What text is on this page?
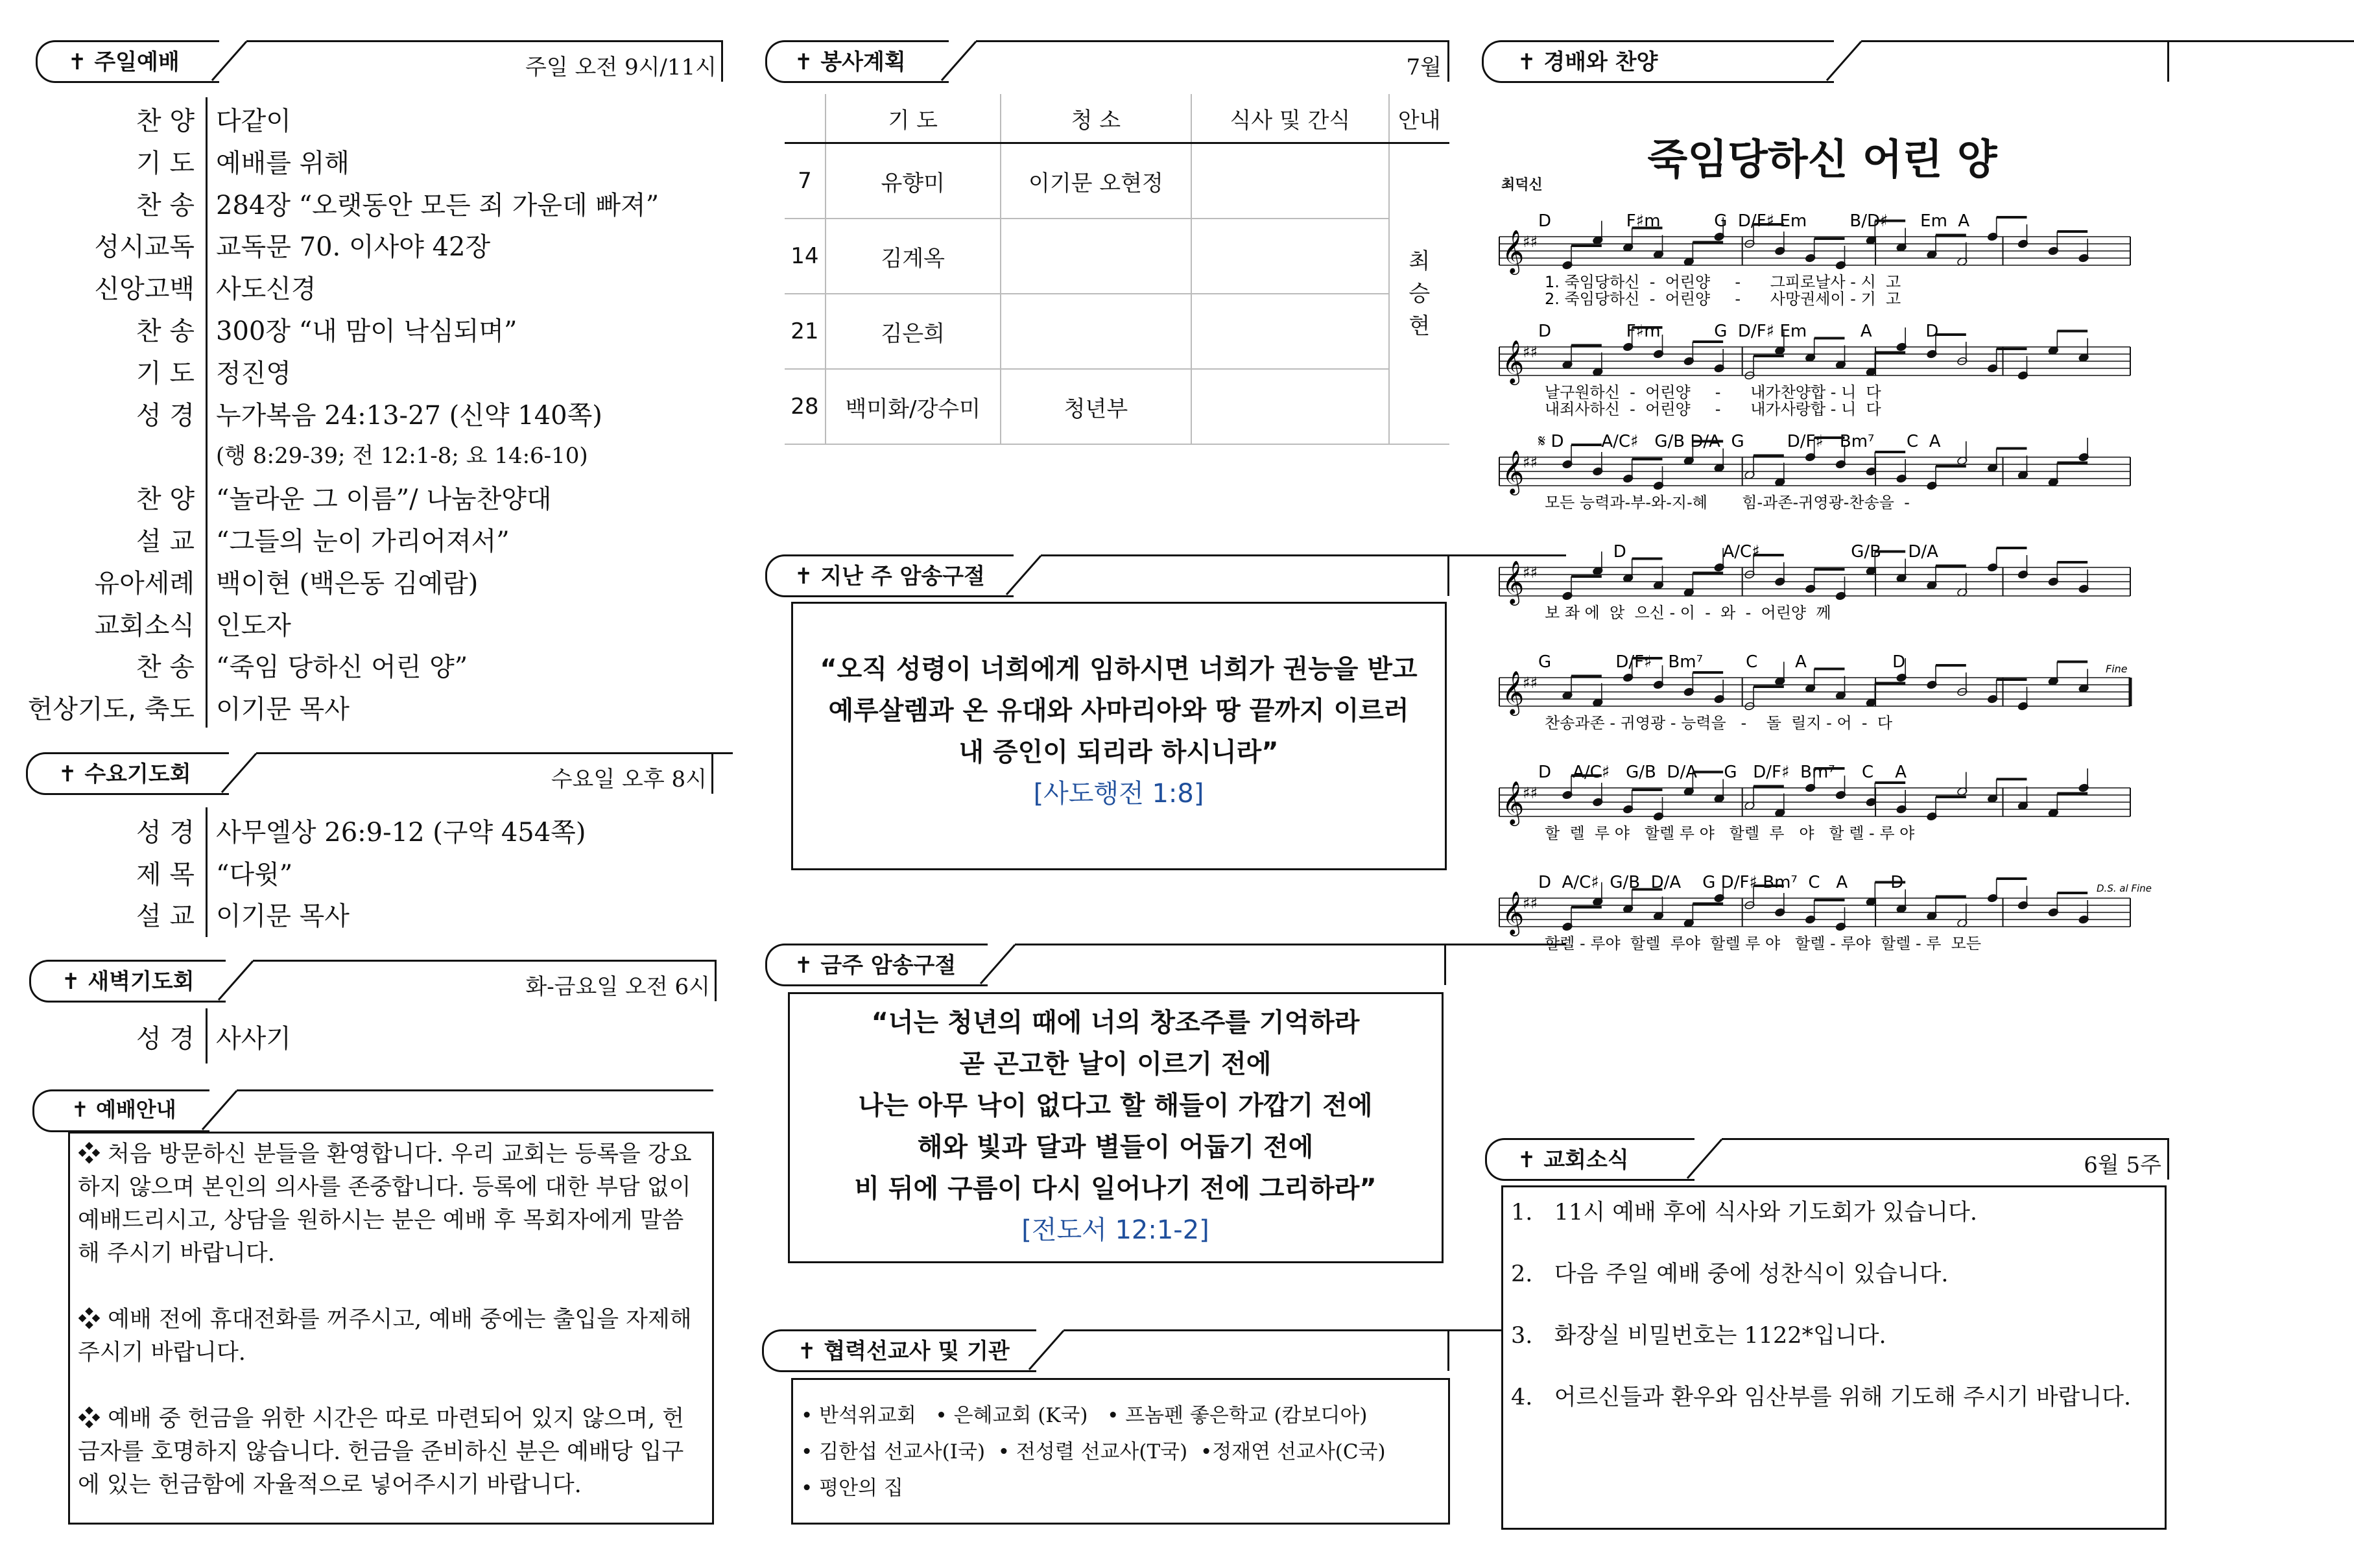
✝ 주일예배	주일 오전 9시/11시
찬 양 다같이
기 도 예배를 위해
찬 송 284장 “오랫동안 모든 죄 가운데 빠져”
성시교독 교독문 70. 이사야 42장
신앙고백 사도신경
찬 송 300장 “내 맘이 낙심되며”
기 도 정진영
성 경 누가복음 24:13-27 (신약 140쪽)
(행 8:29-39; 전 12:1-8; 요 14:6-10)
찬 양 “놀라운 그 이름”/ 나눔찬양대
설 교 “그들의 눈이 가리어져서”
유아세례 백이현 (백은동 김예람)
교회소식 인도자
찬 송 “죽임 당하신 어린 양”
헌상기도, 축도 이기문 목사
✝ 수요기도회	수요일 오후 8시
성 경 사무엘상 26:9-12 (구약 454쪽)
제 목 “다윗”
설 교 이기문 목사
✝ 새벽기도회	화-금요일 오전 6시
성 경 사사기
✝ 예배안내
❖ 처음 방문하신 분들을 환영합니다. 우리 교회는 등록을 강요
하지 않으며 본인의 의사를 존중합니다. 등록에 대한 부담 없이
예배드리시고, 상담을 원하시는 분은 예배 후 목회자에게 말씀
해 주시기 바랍니다.
❖ 예배 전에 휴대전화를 꺼주시고, 예배 중에는 출입을 자제해
주시기 바랍니다.
❖ 예배 중 헌금을 위한 시간은 따로 마련되어 있지 않으며, 헌
금자를 호명하지 않습니다. 헌금을 준비하신 분은 예배당 입구
에 있는 헌금함에 자율적으로 넣어주시기 바랍니다.
✝ 봉사계획	7월
	기 도	청 소	식사 및 간식	안내
7	유향미	이기문 오현정		최
승
현

14	김계옥			
21	김은희			
28	백미화/강수미	청년부		
✝ 지난 주 암송구절
“오직 성령이 너희에게 임하시면 너희가 권능을 받고
예루살렘과 온 유대와 사마리아와 땅 끝까지 이르러
내 증인이 되리라 하시니라”
[사도행전 1:8]
✝ 금주 암송구절
“너는 청년의 때에 너의 창조주를 기억하라
곧 곤고한 날이 이르기 전에
나는 아무 낙이 없다고 할 해들이 가깝기 전에
해와 빛과 달과 별들이 어둡기 전에
비 뒤에 구름이 다시 일어나기 전에 그리하라”
[전도서 12:1-2]
✝ 협력선교사 및 기관
• 반석위교회   • 은혜교회 (K국)   • 프놈펜 좋은학교 (캄보디아)
• 김한섭 선교사(I국)  • 전성렬 선교사(T국)  •정재연 선교사(C국)
• 평안의 집
✝ 경배와 찬양
죽임당하신 어린 양
최덕신
D              F♯m          G  D/F♯ Em        B/D♯      Em  A
𝄞
♯♯
1. 죽임당하신  -  어린양     -      그피로날사 - 시  고
2. 죽임당하신  -  어린양     -      사망권세이 - 기  고
D              F♯m          G  D/F♯ Em          A          D
𝄞
♯♯
날구원하신  -  어린양     -      내가찬양합 - 니  다
내죄사하신  -  어린양     -      내가사랑합 - 니  다
𝄋 D       A/C♯   G/B D/A  G        D/F♯   Bm⁷      C  A
𝄞
♯♯
모든 능력과-부-와-지-혜       힘-과존-귀영광-찬송을  -
D                  A/C♯                 G/B     D/A
𝄞
♯♯
보 좌 에  앉  으신 - 이  -  와  -  어린양  께
G            D/F♯   Bm⁷        C       A                D
𝄞
♯♯
찬송과존 - 귀영광 - 능력을   -    돌  릴지 - 어  -  다
D    A/C♯   G/B  D/A     G   D/F♯  Bm⁷     C    A
𝄞
♯♯
할  렐  루 야   할렐 루 야   할렐  루   야   할 렐 - 루 야
D  A/C♯  G/B  D/A    G D/F♯ Bm⁷  C   A        D
𝄞
♯♯
할렐 - 루야  할렐  루야  할렐 루 야   할렐 - 루야  할렐 - 루  모든
Fine
D.S. al Fine
✝ 교회소식	6월 5주
1.   11시 예배 후에 식사와 기도회가 있습니다.
2.   다음 주일 예배 중에 성찬식이 있습니다.
3.   화장실 비밀번호는 1122*입니다.
4.   어르신들과 환우와 임산부를 위해 기도해 주시기 바랍니다.
